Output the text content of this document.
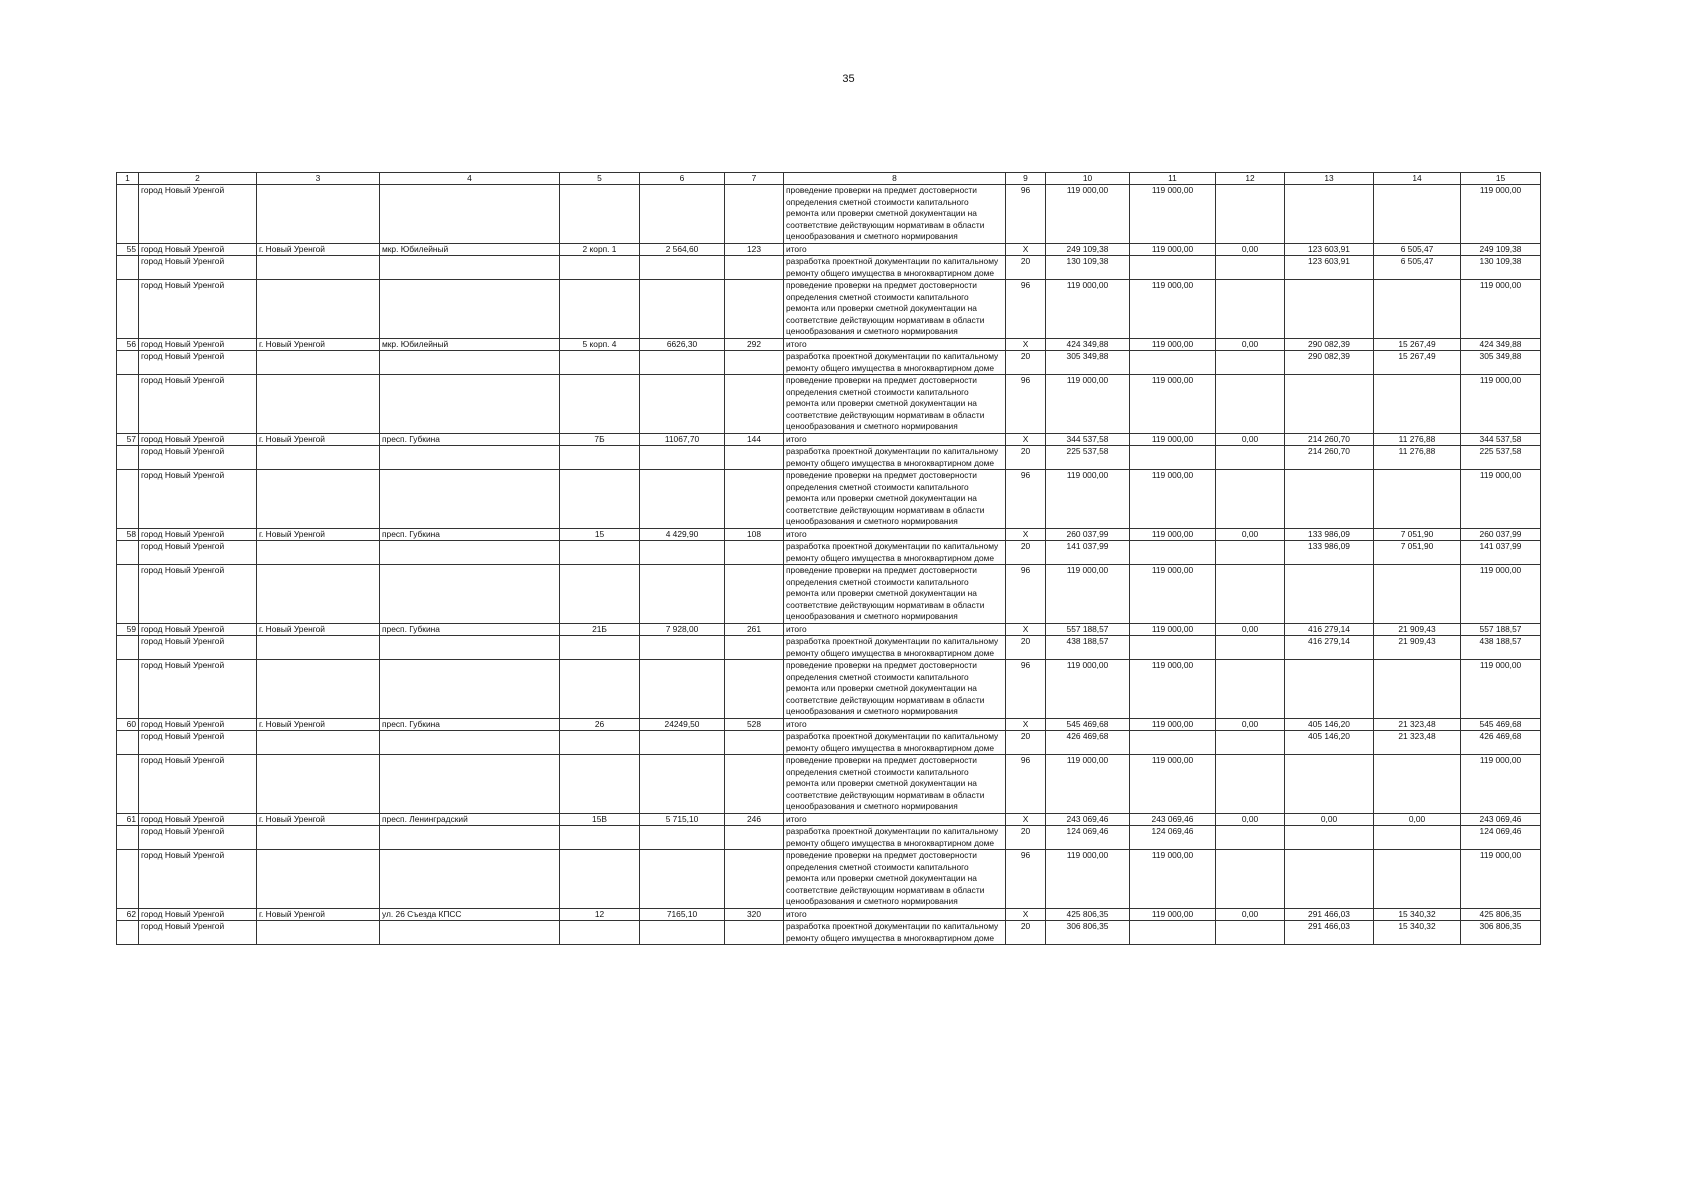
35
1	2	3	4	5	6	7	8	9	10	11	12	13	14	15
	город Новый Уренгой						проведение проверки на предмет достоверности определения сметной стоимости капитального ремонта или проверки сметной документации на соответствие действующим нормативам в области ценообразования и сметного нормирования	96	119 000,00	119 000,00				119 000,00
55	город Новый Уренгой	г. Новый Уренгой	мкр. Юбилейный	2 корп. 1	2 564,60	123	итого	Х	249 109,38	119 000,00	0,00	123 603,91	6 505,47	249 109,38
	город Новый Уренгой						разработка проектной документации по капитальному ремонту общего имущества в многоквартирном доме	20	130 109,38			123 603,91	6 505,47	130 109,38
	город Новый Уренгой						проведение проверки на предмет достоверности определения сметной стоимости капитального ремонта или проверки сметной документации на соответствие действующим нормативам в области ценообразования и сметного нормирования	96	119 000,00	119 000,00				119 000,00
56	город Новый Уренгой	г. Новый Уренгой	мкр. Юбилейный	5 корп. 4	6626,30	292	итого	Х	424 349,88	119 000,00	0,00	290 082,39	15 267,49	424 349,88
	город Новый Уренгой						разработка проектной документации по капитальному ремонту общего имущества в многоквартирном доме	20	305 349,88			290 082,39	15 267,49	305 349,88
	город Новый Уренгой						проведение проверки на предмет достоверности определения сметной стоимости капитального ремонта или проверки сметной документации на соответствие действующим нормативам в области ценообразования и сметного нормирования	96	119 000,00	119 000,00				119 000,00
57	город Новый Уренгой	г. Новый Уренгой	пресп. Губкина	7Б	11067,70	144	итого	Х	344 537,58	119 000,00	0,00	214 260,70	11 276,88	344 537,58
	город Новый Уренгой						разработка проектной документации по капитальному ремонту общего имущества в многоквартирном доме	20	225 537,58			214 260,70	11 276,88	225 537,58
	город Новый Уренгой						проведение проверки на предмет достоверности определения сметной стоимости капитального ремонта или проверки сметной документации на соответствие действующим нормативам в области ценообразования и сметного нормирования	96	119 000,00	119 000,00				119 000,00
58	город Новый Уренгой	г. Новый Уренгой	пресп. Губкина	15	4 429,90	108	итого	Х	260 037,99	119 000,00	0,00	133 986,09	7 051,90	260 037,99
	город Новый Уренгой						разработка проектной документации по капитальному ремонту общего имущества в многоквартирном доме	20	141 037,99			133 986,09	7 051,90	141 037,99
	город Новый Уренгой						проведение проверки на предмет достоверности определения сметной стоимости капитального ремонта или проверки сметной документации на соответствие действующим нормативам в области ценообразования и сметного нормирования	96	119 000,00	119 000,00				119 000,00
59	город Новый Уренгой	г. Новый Уренгой	пресп. Губкина	21Б	7 928,00	261	итого	Х	557 188,57	119 000,00	0,00	416 279,14	21 909,43	557 188,57
	город Новый Уренгой						разработка проектной документации по капитальному ремонту общего имущества в многоквартирном доме	20	438 188,57			416 279,14	21 909,43	438 188,57
	город Новый Уренгой						проведение проверки на предмет достоверности определения сметной стоимости капитального ремонта или проверки сметной документации на соответствие действующим нормативам в области ценообразования и сметного нормирования	96	119 000,00	119 000,00				119 000,00
60	город Новый Уренгой	г. Новый Уренгой	пресп. Губкина	26	24249,50	528	итого	Х	545 469,68	119 000,00	0,00	405 146,20	21 323,48	545 469,68
	город Новый Уренгой						разработка проектной документации по капитальному ремонту общего имущества в многоквартирном доме	20	426 469,68			405 146,20	21 323,48	426 469,68
	город Новый Уренгой						проведение проверки на предмет достоверности определения сметной стоимости капитального ремонта или проверки сметной документации на соответствие действующим нормативам в области ценообразования и сметного нормирования	96	119 000,00	119 000,00				119 000,00
61	город Новый Уренгой	г. Новый Уренгой	пресп. Ленинградский	15В	5 715,10	246	итого	Х	243 069,46	243 069,46	0,00	0,00	0,00	243 069,46
	город Новый Уренгой						разработка проектной документации по капитальному ремонту общего имущества в многоквартирном доме	20	124 069,46	124 069,46				124 069,46
	город Новый Уренгой						проведение проверки на предмет достоверности определения сметной стоимости капитального ремонта или проверки сметной документации на соответствие действующим нормативам в области ценообразования и сметного нормирования	96	119 000,00	119 000,00				119 000,00
62	город Новый Уренгой	г. Новый Уренгой	ул. 26 Съезда КПСС	12	7165,10	320	итого	Х	425 806,35	119 000,00	0,00	291 466,03	15 340,32	425 806,35
	город Новый Уренгой						разработка проектной документации по капитальному ремонту общего имущества в многоквартирном доме	20	306 806,35			291 466,03	15 340,32	306 806,35
